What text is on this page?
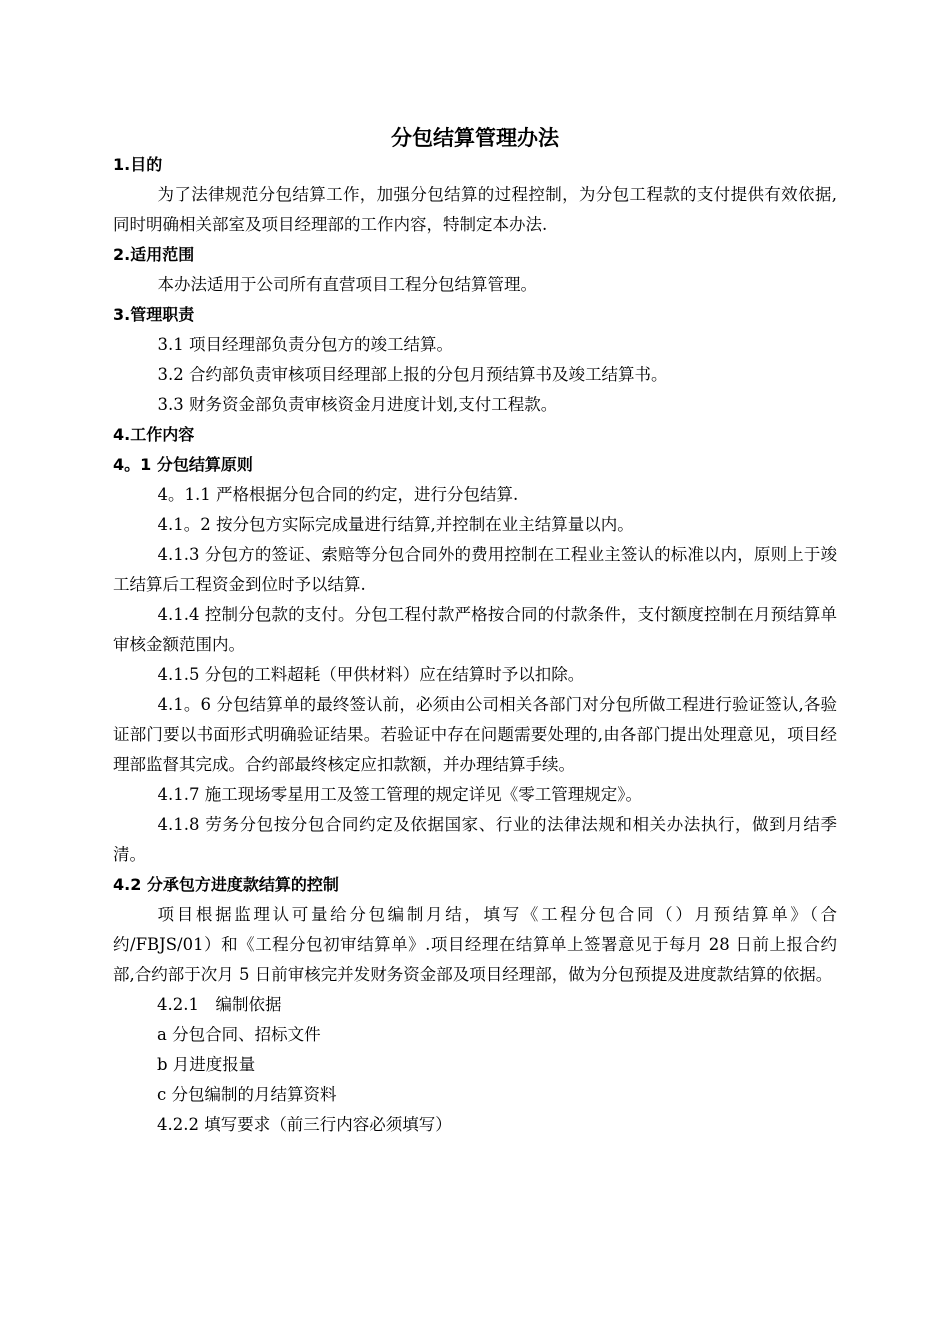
分包结算管理办法
1.目的
为了法律规范分包结算工作，加强分包结算的过程控制，为分包工程款的支付提供有效依据,同时明确相关部室及项目经理部的工作内容，特制定本办法.
2.适用范围
本办法适用于公司所有直营项目工程分包结算管理。
3.管理职责
3.1 项目经理部负责分包方的竣工结算。
3.2 合约部负责审核项目经理部上报的分包月预结算书及竣工结算书。
3.3 财务资金部负责审核资金月进度计划,支付工程款。
4.工作内容
4。1 分包结算原则
4。1.1 严格根据分包合同的约定，进行分包结算.
4.1。2 按分包方实际完成量进行结算,并控制在业主结算量以内。
4.1.3 分包方的签证、索赔等分包合同外的费用控制在工程业主签认的标准以内，原则上于竣工结算后工程资金到位时予以结算.
4.1.4 控制分包款的支付。分包工程付款严格按合同的付款条件，支付额度控制在月预结算单审核金额范围内。
4.1.5 分包的工料超耗（甲供材料）应在结算时予以扣除。
4.1。6 分包结算单的最终签认前，必须由公司相关各部门对分包所做工程进行验证签认,各验证部门要以书面形式明确验证结果。若验证中存在问题需要处理的,由各部门提出处理意见，项目经理部监督其完成。合约部最终核定应扣款额，并办理结算手续。
4.1.7 施工现场零星用工及签工管理的规定详见《零工管理规定》。
4.1.8 劳务分包按分包合同约定及依据国家、行业的法律法规和相关办法执行，做到月结季清。
4.2 分承包方进度款结算的控制
项目根据监理认可量给分包编制月结，填写《工程分包合同（）月预结算单》（合约/FBJS/01）和《工程分包初审结算单》.项目经理在结算单上签署意见于每月 28 日前上报合约部,合约部于次月 5 日前审核完并发财务资金部及项目经理部，做为分包预提及进度款结算的依据。
4.2.1　编制依据
a 分包合同、招标文件
b 月进度报量
c 分包编制的月结算资料
4.2.2 填写要求（前三行内容必须填写）
